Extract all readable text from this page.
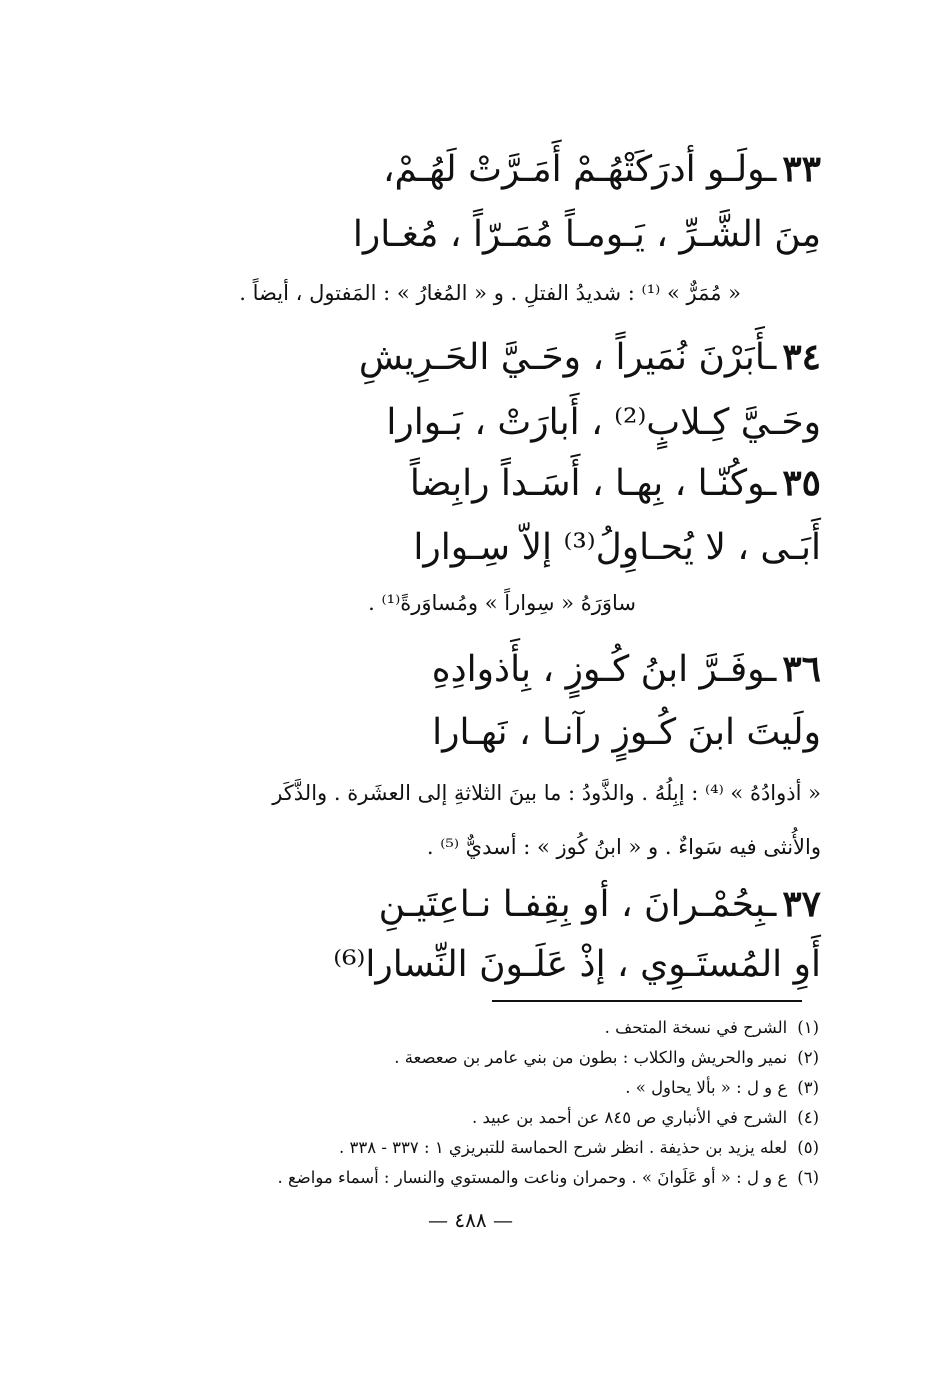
٣٣ـولَـو أدرَكَتْهُـمْ أَمَـرَّتْ لَهُـمْ،
مِنَ الشَّـرِّ ، يَـومـاً مُمَـرّاً ، مُغـارا
« مُمَرٌّ » ⁽¹⁾ : شديدُ الفتلِ . و « المُغارُ » : المَفتول ، أيضاً .
٣٤ـأَبَرْنَ نُمَيراً ، وحَـيَّ الحَـرِيشِ
وحَـيَّ كِـلابٍ⁽²⁾ ، أَبارَتْ ، بَـوارا
٣٥ـوكُنّـا ، بِهـا ، أَسَـداً رابِضاً
أَبَـى ، لا يُحـاوِلُ⁽³⁾ إلاّ سِـوارا
ساوَرَهُ « سِواراً » ومُساوَرةً⁽¹⁾ .
٣٦ـوفَـرَّ ابنُ كُـوزٍ ، بِأَذوادِهِ
ولَيتَ ابنَ كُـوزٍ رآنـا ، نَهـارا
« أذوادُهُ » ⁽⁴⁾ : إبِلُهُ . والذَّودُ : ما بينَ الثلاثةِ إلى العشَرة . والذَّكَر
والأُنثى فيه سَواءٌ . و « ابنُ كُوز » : أسديٌّ ⁽⁵⁾ .
٣٧ـبِحُمْـرانَ ، أو بِقِفـا نـاعِتَيـنِ
أَوِ المُستَـوِي ، إذْ عَلَـونَ النِّسارا⁽⁶⁾
(١)الشرح في نسخة المتحف .
(٢)نمير والحريش والكلاب : بطون من بني عامر بن صعصعة .
(٣)ع و ل : « بألا يحاول » .
(٤)الشرح في الأنباري ص ٨٤٥ عن أحمد بن عبيد .
(٥)لعله يزيد بن حذيفة . انظر شرح الحماسة للتبريزي ١ : ٣٣٧ - ٣٣٨ .
(٦)ع و ل : « أو عَلَوانَ » . وحمران وناعت والمستوي والنسار : أسماء مواضع .
— ٤٨٨ —
